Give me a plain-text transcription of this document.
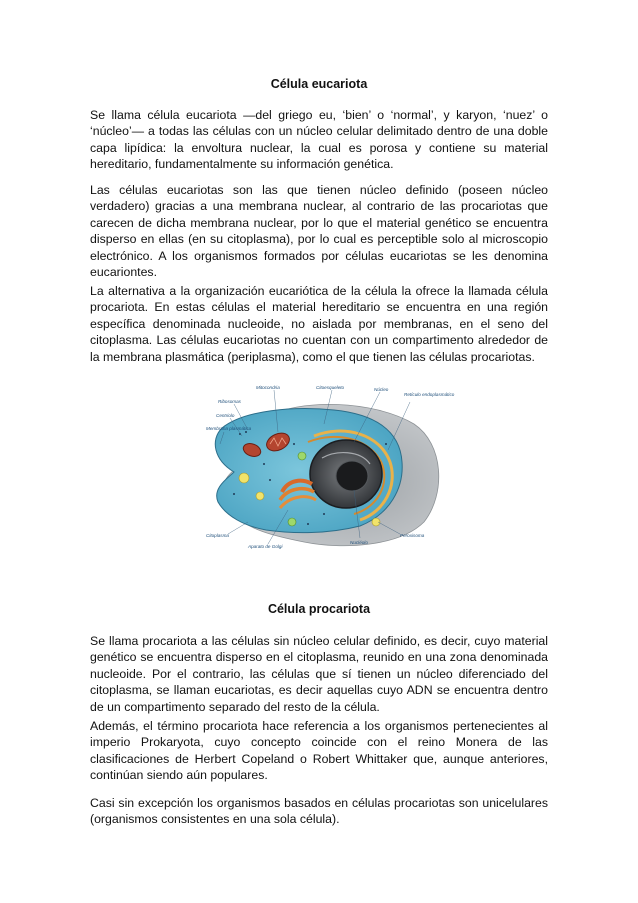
Célula eucariota

Se llama célula eucariota —del griego eu, ‘bien’ o ‘normal’, y karyon, ‘nuez’ o ‘núcleo’— a todas las células con un núcleo celular delimitado dentro de una doble capa lipídica: la envoltura nuclear, la cual es porosa y contiene su material hereditario, fundamentalmente su información genética.

Las células eucariotas son las que tienen núcleo definido (poseen núcleo verdadero) gracias a una membrana nuclear, al contrario de las procariotas que carecen de dicha membrana nuclear, por lo que el material genético se encuentra disperso en ellas (en su citoplasma), por lo cual es perceptible solo al microscopio electrónico. A los organismos formados por células eucariotas se les denomina eucariontes.

La alternativa a la organización eucarióticа de la célula la ofrece la llamada célula procariota. En estas células el material hereditario se encuentra en una región específica denominada nucleoide, no aislada por membranas, en el seno del citoplasma. Las células eucariotas no cuentan con un compartimento alrededor de la membrana plasmática (periplasma), como el que tienen las células procariotas.

Mitocondria	Citoesqueleto	Núcleo
Retículo endoplasmático
Ribosomas
Centriolo
Membrana plasmática
Citoplasma
Aparato de Golgi
Peroxisoma
Nucléolo
Célula procariota

Se llama procariota a las células sin núcleo celular definido, es decir, cuyo material genético se encuentra disperso en el citoplasma, reunido en una zona denominada nucleoide. Por el contrario, las células que sí tienen un núcleo diferenciado del citoplasma, se llaman eucariotas, es decir aquellas cuyo ADN se encuentra dentro de un compartimento separado del resto de la célula.

Además, el término procariota hace referencia a los organismos pertenecientes al imperio Prokaryota, cuyo concepto coincide con el reino Monera de las clasificaciones de Herbert Copeland o Robert Whittaker que, aunque anteriores, continúan siendo aún populares.

Casi sin excepción los organismos basados en células procariotas son unicelulares (organismos consistentes en una sola célula).
